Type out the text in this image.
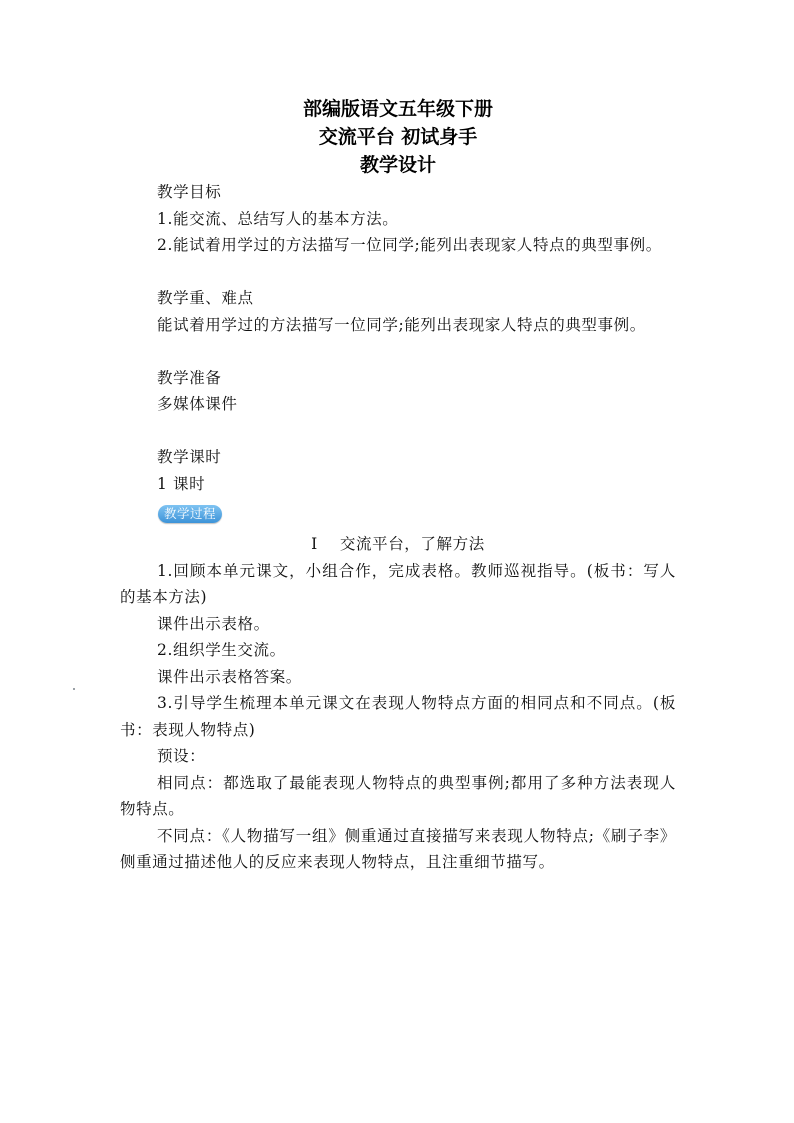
部编版语文五年级下册
交流平台 初试身手
教学设计

教学目标

1.能交流、总结写人的基本方法。

2.能试着用学过的方法描写一位同学;能列出表现家人特点的典型事例。

教学重、难点

能试着用学过的方法描写一位同学;能列出表现家人特点的典型事例。

教学准备

多媒体课件

教学课时

1 课时

教学过程

Ⅰ 交流平台，了解方法

1.回顾本单元课文，小组合作，完成表格。教师巡视指导。(板书：写人的基本方法)

课件出示表格。

2.组织学生交流。

课件出示表格答案。

3.引导学生梳理本单元课文在表现人物特点方面的相同点和不同点。(板书：表现人物特点)

预设：

相同点：都选取了最能表现人物特点的典型事例;都用了多种方法表现人物特点。

不同点：《人物描写一组》侧重通过直接描写来表现人物特点;《刷子李》侧重通过描述他人的反应来表现人物特点，且注重细节描写。
